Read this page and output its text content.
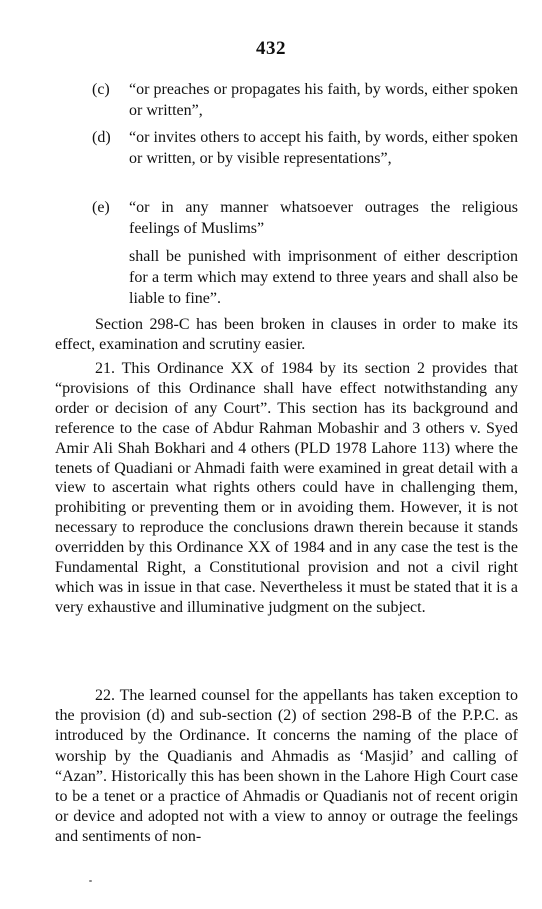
432
(c)	“or preaches or propagates his faith, by words, either spoken or written”,
(d)	“or invites others to accept his faith, by words, either spoken or written, or by visible representations”,
(e)	“or in any manner whatsoever outrages the religious feelings of Muslims”
shall be punished with imprisonment of either description for a term which may extend to three years and shall also be liable to fine”.
Section 298-C has been broken in clauses in order to make its effect, examination and scrutiny easier.
21. This Ordinance XX of 1984 by its section 2 provides that “provisions of this Ordinance shall have effect notwithstanding any order or decision of any Court”. This section has its background and reference to the case of Abdur Rahman Mobashir and 3 others v. Syed Amir Ali Shah Bokhari and 4 others (PLD 1978 Lahore 113) where the tenets of Quadiani or Ahmadi faith were examined in great detail with a view to ascertain what rights others could have in challenging them, prohibiting or preventing them or in avoiding them. However, it is not necessary to reproduce the conclusions drawn therein because it stands overridden by this Ordinance XX of 1984 and in any case the test is the Fundamental Right, a Constitutional provision and not a civil right which was in issue in that case. Nevertheless it must be stated that it is a very exhaustive and illuminative judgment on the subject.
22. The learned counsel for the appellants has taken exception to the provision (d) and sub-section (2) of section 298-B of the P.P.C. as introduced by the Ordinance. It concerns the naming of the place of worship by the Quadianis and Ahmadis as ‘Masjid’ and calling of “Azan”. Historically this has been shown in the Lahore High Court case to be a tenet or a practice of Ahmadis or Quadianis not of recent origin or device and adopted not with a view to annoy or outrage the feelings and sentiments of non-
